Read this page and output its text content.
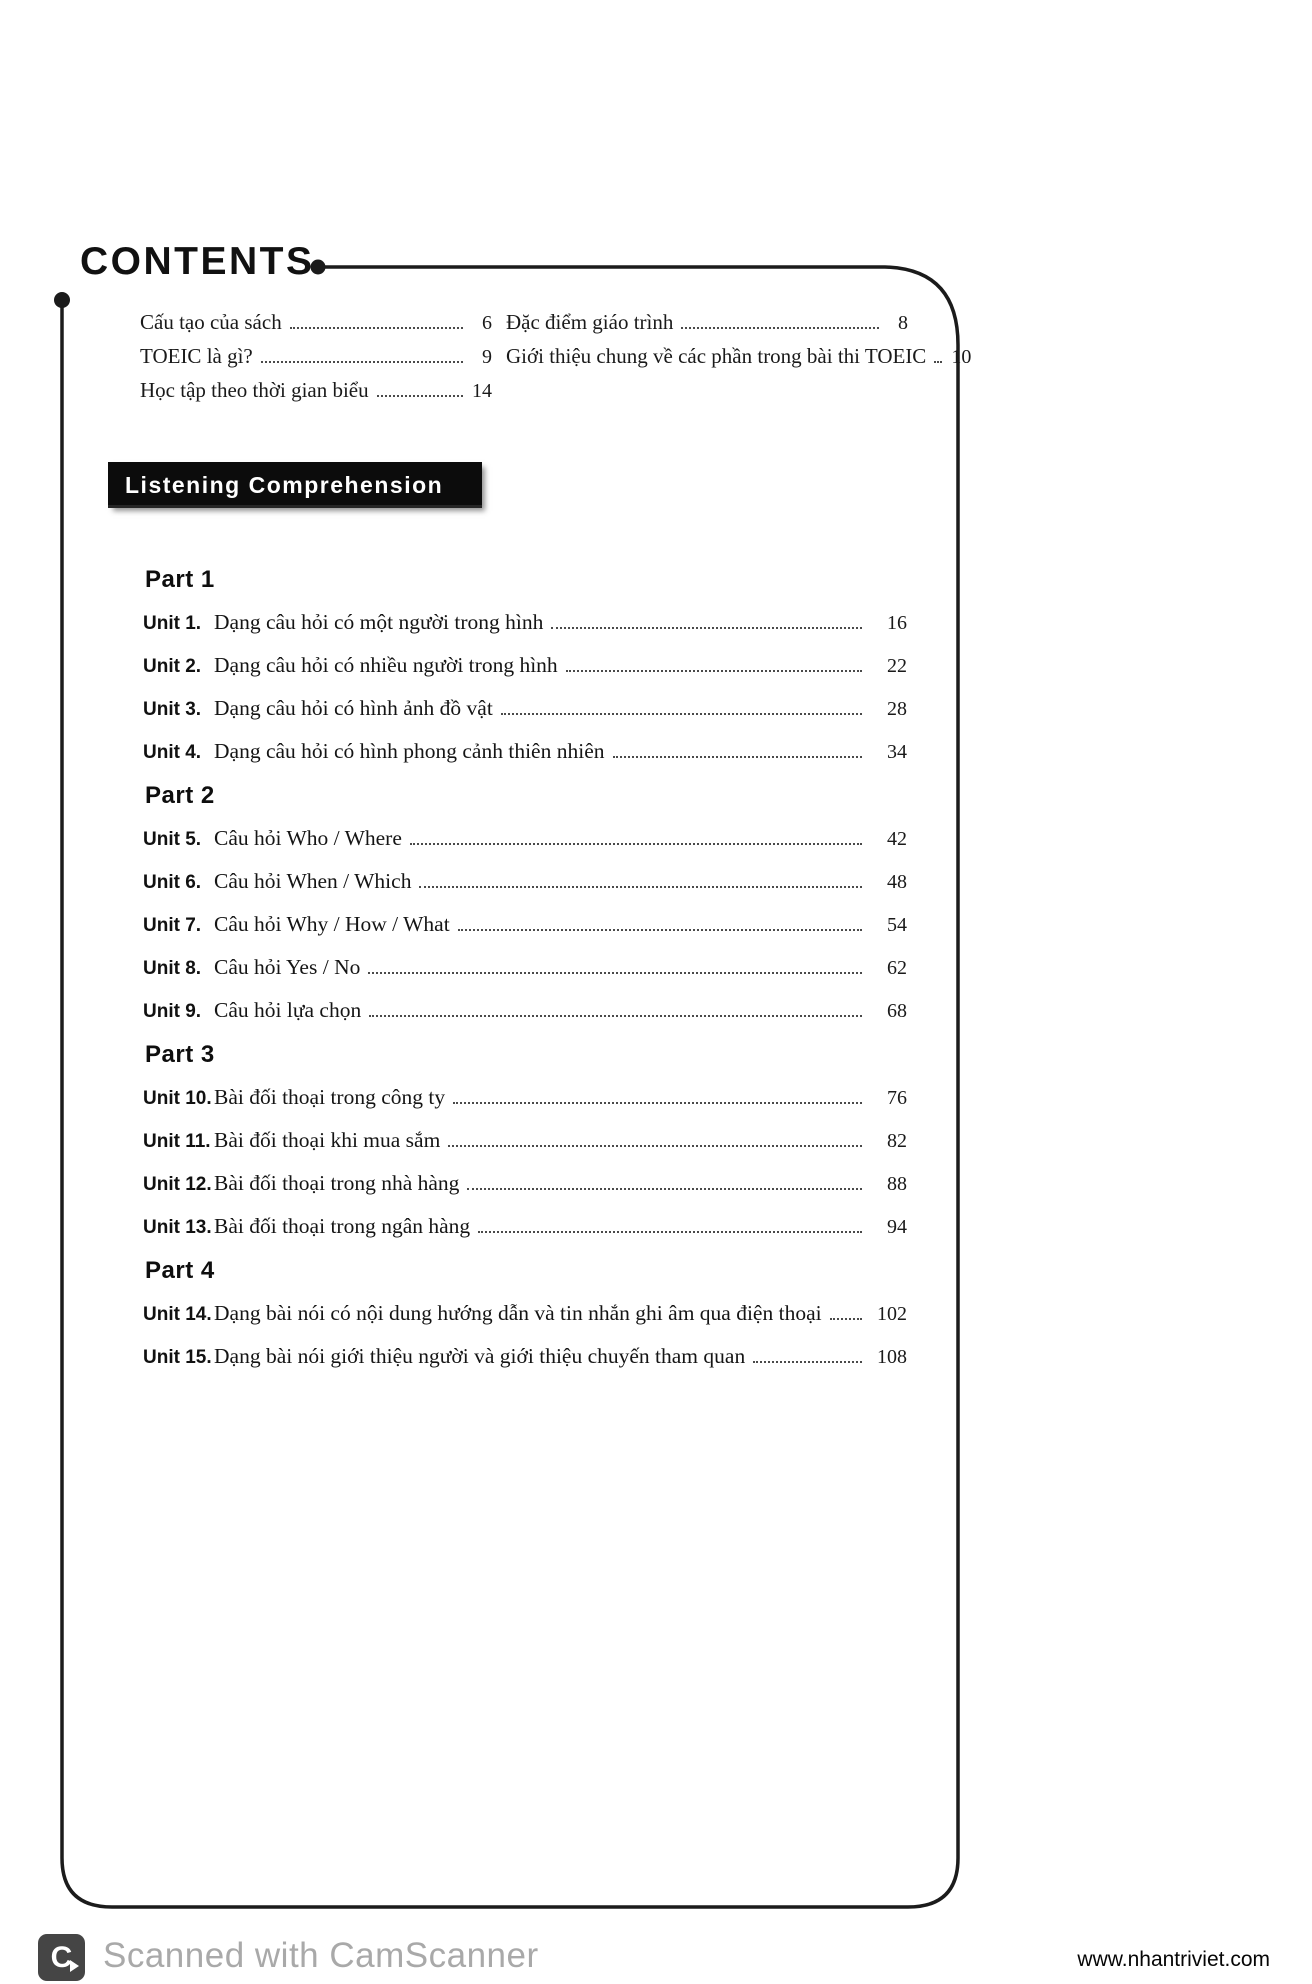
CONTENTS
Cấu tạo của sách	6
TOEIC là gì?	9
Học tập theo thời gian biểu	14
Đặc điểm giáo trình	8
Giới thiệu chung về các phần trong bài thi TOEIC 10
Listening Comprehension
Part 1
Unit 1. Dạng câu hỏi có một người trong hình	16
Unit 2. Dạng câu hỏi có nhiều người trong hình	22
Unit 3. Dạng câu hỏi có hình ảnh đồ vật	28
Unit 4. Dạng câu hỏi có hình phong cảnh thiên nhiên	34
Part 2
Unit 5. Câu hỏi Who / Where	42
Unit 6. Câu hỏi When / Which	48
Unit 7. Câu hỏi Why / How / What	54
Unit 8. Câu hỏi Yes / No	62
Unit 9. Câu hỏi lựa chọn	68
Part 3
Unit 10. Bài đối thoại trong công ty	76
Unit 11. Bài đối thoại khi mua sắm	82
Unit 12. Bài đối thoại trong nhà hàng	88
Unit 13. Bài đối thoại trong ngân hàng	94
Part 4
Unit 14. Dạng bài nói có nội dung hướng dẫn và tin nhắn ghi âm qua điện thoại	102
Unit 15. Dạng bài nói giới thiệu người và giới thiệu chuyến tham quan	108
C Scanned with CamScanner	www.nhantriviet.com
